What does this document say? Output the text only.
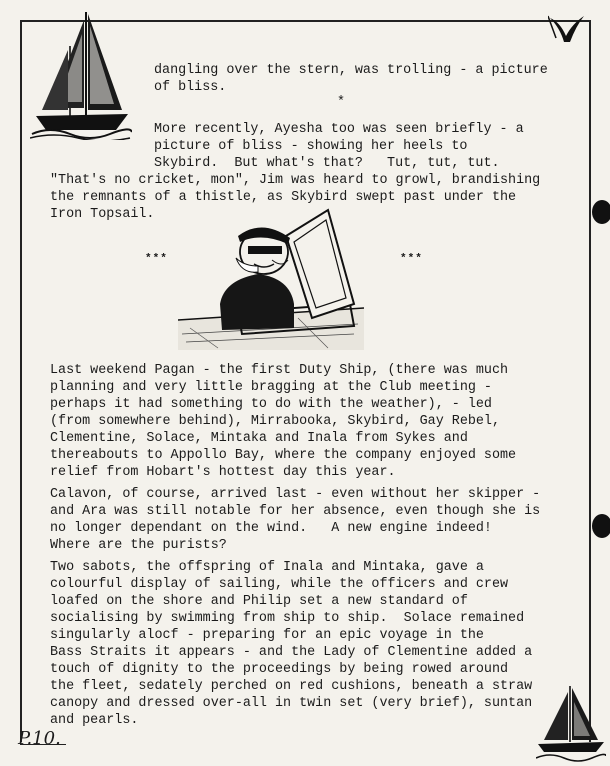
dangling over the stern, was trolling - a picture
of bliss.
*
More recently, Ayesha too was seen briefly - a
picture of bliss - showing her heels to
Skybird.  But what's that?   Tut, tut, tut.
"That's no cricket, mon", Jim was heard to growl, brandishing
the remnants of a thistle, as Skybird swept past under the
Iron Topsail.
***	***
Last weekend Pagan - the first Duty Ship, (there was much
planning and very little bragging at the Club meeting -
perhaps it had something to do with the weather), - led
(from somewhere behind), Mirrabooka, Skybird, Gay Rebel,
Clementine, Solace, Mintaka and Inala from Sykes and
thereabouts to Appollo Bay, where the company enjoyed some
relief from Hobart's hottest day this year.
Calavon, of course, arrived last - even without her skipper -
and Ara was still notable for her absence, even though she is
no longer dependant on the wind.   A new engine indeed!
Where are the purists?
Two sabots, the offspring of Inala and Mintaka, gave a
colourful display of sailing, while the officers and crew
loafed on the shore and Philip set a new standard of
socialising by swimming from ship to ship.  Solace remained
singularly alocf - preparing for an epic voyage in the
Bass Straits it appears - and the Lady of Clementine added a
touch of dignity to the proceedings by being rowed around
the fleet, sedately perched on red cushions, beneath a straw
canopy and dressed over-all in twin set (very brief), suntan
and pearls.
P.10.
